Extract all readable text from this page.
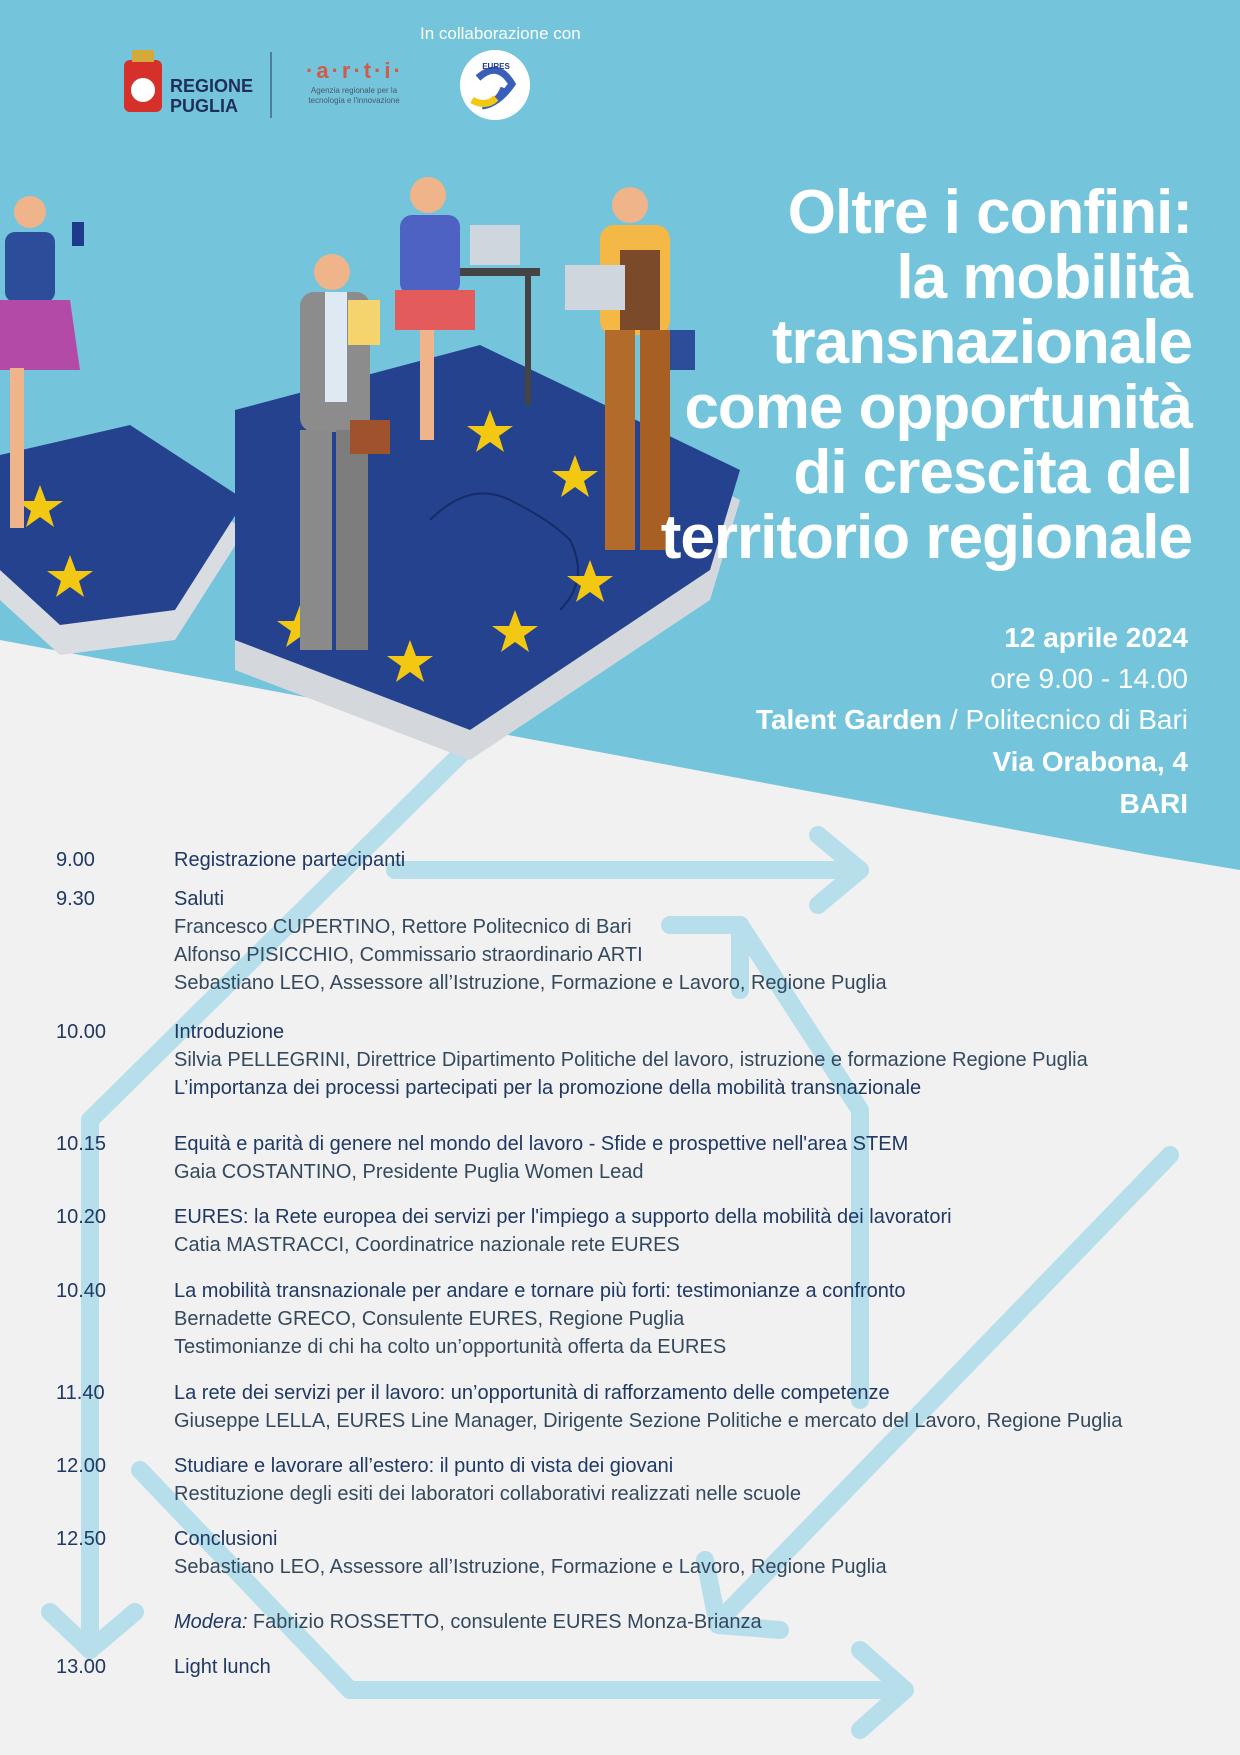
In collaborazione con
REGIONE
PUGLIA
·a·r·t·i·
Agenzia regionale per la tecnologia e l'innovazione
EURES
Oltre i confini:
la mobilità
transnazionale
come opportunità
di crescita del
territorio regionale
12 aprile 2024
ore 9.00 - 14.00
Talent Garden / Politecnico di Bari
Via Orabona, 4
BARI
9.00	Registrazione partecipanti
9.30	Saluti
Francesco CUPERTINO, Rettore Politecnico di Bari
Alfonso PISICCHIO, Commissario straordinario ARTI
Sebastiano LEO, Assessore all’Istruzione, Formazione e Lavoro, Regione Puglia
10.00	Introduzione
Silvia PELLEGRINI, Direttrice Dipartimento Politiche del lavoro, istruzione e formazione Regione Puglia
L’importanza dei processi partecipati per la promozione della mobilità transnazionale
10.15	Equità e parità di genere nel mondo del lavoro - Sfide e prospettive nell'area STEM
Gaia COSTANTINO, Presidente Puglia Women Lead
10.20	EURES: la Rete europea dei servizi per l'impiego a supporto della mobilità dei lavoratori
Catia MASTRACCI, Coordinatrice nazionale rete EURES
10.40	La mobilità transnazionale per andare e tornare più forti: testimonianze a confronto
Bernadette GRECO, Consulente EURES, Regione Puglia
Testimonianze di chi ha colto un’opportunità offerta da EURES
11.40	La rete dei servizi per il lavoro: un’opportunità di rafforzamento delle competenze
Giuseppe LELLA, EURES Line Manager, Dirigente Sezione Politiche e mercato del Lavoro, Regione Puglia
12.00	Studiare e lavorare all’estero: il punto di vista dei giovani
Restituzione degli esiti dei laboratori collaborativi realizzati nelle scuole
12.50	Conclusioni
Sebastiano LEO, Assessore all’Istruzione, Formazione e Lavoro, Regione Puglia
Modera: Fabrizio ROSSETTO, consulente EURES Monza-Brianza
13.00	Light lunch
